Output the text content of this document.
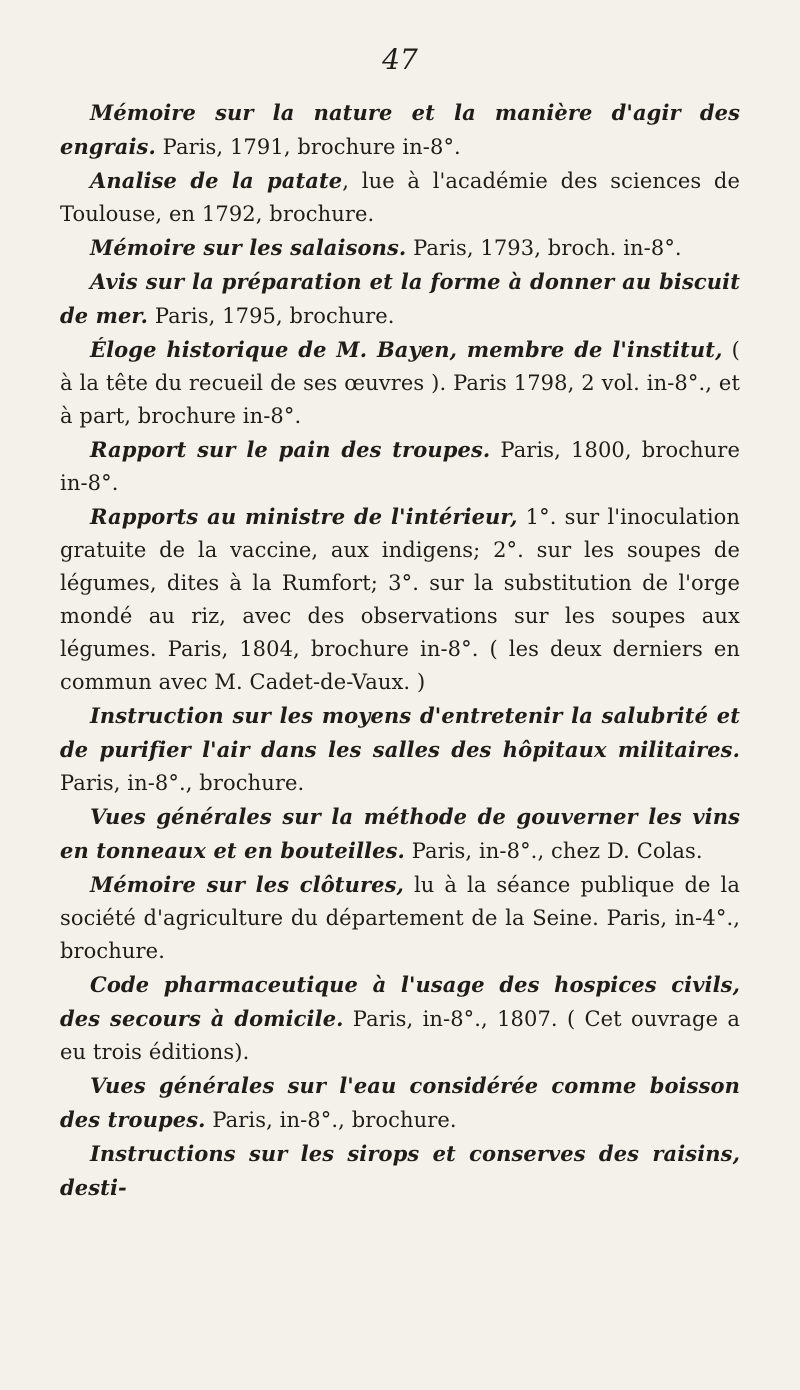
47

Mémoire sur la nature et la manière d'agir des engrais. Paris, 1791, brochure in-8°.

Analise de la patate, lue à l'académie des sciences de Toulouse, en 1792, brochure.

Mémoire sur les salaisons. Paris, 1793, broch. in-8°.

Avis sur la préparation et la forme à donner au biscuit de mer. Paris, 1795, brochure.

Éloge historique de M. Bayen, membre de l'institut, ( à la tête du recueil de ses œuvres ). Paris 1798, 2 vol. in-8°., et à part, brochure in-8°.

Rapport sur le pain des troupes. Paris, 1800, brochure in-8°.

Rapports au ministre de l'intérieur, 1°. sur l'inoculation gratuite de la vaccine, aux indigens; 2°. sur les soupes de légumes, dites à la Rumfort; 3°. sur la substitution de l'orge mondé au riz, avec des observations sur les soupes aux légumes. Paris, 1804, brochure in-8°. ( les deux derniers en commun avec M. Cadet-de-Vaux. )

Instruction sur les moyens d'entretenir la salubrité et de purifier l'air dans les salles des hôpitaux militaires. Paris, in-8°., brochure.

Vues générales sur la méthode de gouverner les vins en tonneaux et en bouteilles. Paris, in-8°., chez D. Colas.

Mémoire sur les clôtures, lu à la séance publique de la société d'agriculture du département de la Seine. Paris, in-4°., brochure.

Code pharmaceutique à l'usage des hospices civils, des secours à domicile. Paris, in-8°., 1807. ( Cet ouvrage a eu trois éditions).

Vues générales sur l'eau considérée comme boisson des troupes. Paris, in-8°., brochure.

Instructions sur les sirops et conserves des raisins, desti-
